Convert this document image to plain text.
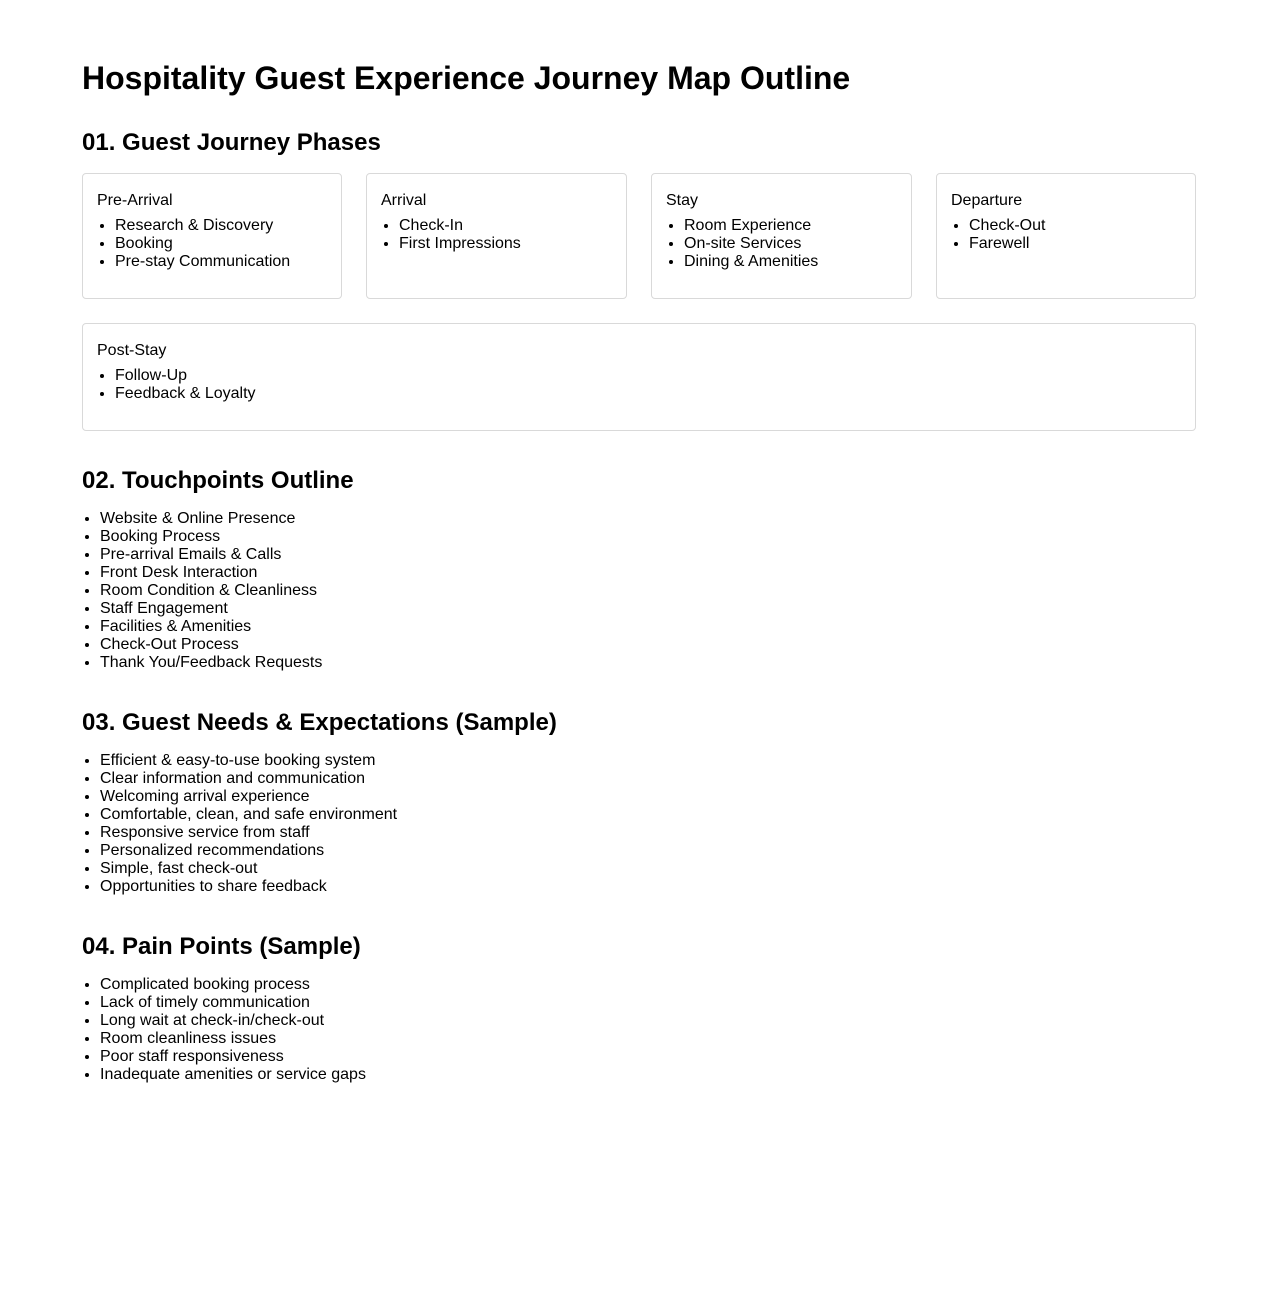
Hospitality Guest Experience Journey Map Outline
01. Guest Journey Phases
Pre-Arrival
• Research & Discovery
• Booking
• Pre-stay Communication
Arrival
• Check-In
• First Impressions
Stay
• Room Experience
• On-site Services
• Dining & Amenities
Departure
• Check-Out
• Farewell
Post-Stay
• Follow-Up
• Feedback & Loyalty
02. Touchpoints Outline
• Website & Online Presence
• Booking Process
• Pre-arrival Emails & Calls
• Front Desk Interaction
• Room Condition & Cleanliness
• Staff Engagement
• Facilities & Amenities
• Check-Out Process
• Thank You/Feedback Requests
03. Guest Needs & Expectations (Sample)
• Efficient & easy-to-use booking system
• Clear information and communication
• Welcoming arrival experience
• Comfortable, clean, and safe environment
• Responsive service from staff
• Personalized recommendations
• Simple, fast check-out
• Opportunities to share feedback
04. Pain Points (Sample)
• Complicated booking process
• Lack of timely communication
• Long wait at check-in/check-out
• Room cleanliness issues
• Poor staff responsiveness
• Inadequate amenities or service gaps
